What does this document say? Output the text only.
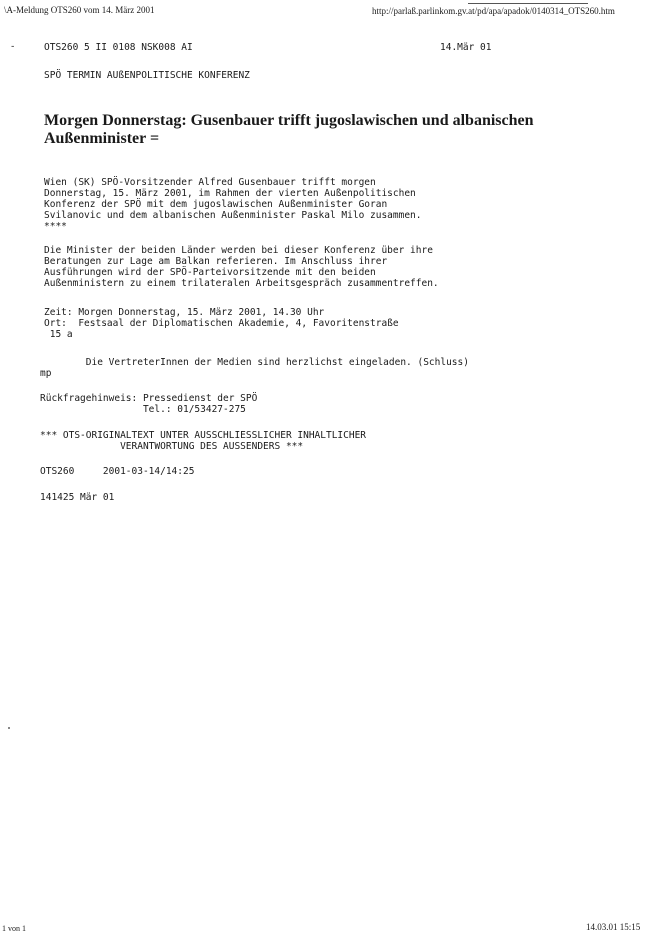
\A-Meldung OTS260 vom 14. März 2001	http://parlaß.parlinkom.gv.at/pd/apa/apadok/0140314_OTS260.htm
-	OTS260 5 II 0108 NSK008 AI	14.Mär 01
SPÖ TERMIN AUßENPOLITISCHE KONFERENZ
Morgen Donnerstag: Gusenbauer trifft jugoslawischen und albanischen Außenminister =
Wien (SK) SPÖ-Vorsitzender Alfred Gusenbauer trifft morgen
Donnerstag, 15. März 2001, im Rahmen der vierten Außenpolitischen
Konferenz der SPÖ mit dem jugoslawischen Außenminister Goran
Svilanovic und dem albanischen Außenminister Paskal Milo zusammen.
****
Die Minister der beiden Länder werden bei dieser Konferenz über ihre
Beratungen zur Lage am Balkan referieren. Im Anschluss ihrer
Ausführungen wird der SPÖ-Parteivorsitzende mit den beiden
Außenministern zu einem trilateralen Arbeitsgespräch zusammentreffen.
Zeit: Morgen Donnerstag, 15. März 2001, 14.30 Uhr
Ort:  Festsaal der Diplomatischen Akademie, 4, Favoritenstraße
15 a
Die VertreterInnen der Medien sind herzlichst eingeladen. (Schluss)
mp
Rückfragehinweis: Pressedienst der SPÖ
Tel.: 01/53427-275
*** OTS-ORIGINALTEXT UNTER AUSSCHLIESSLICHER INHALTLICHER
VERANTWORTUNG DES AUSSENDERS ***
OTS260     2001-03-14/14:25
141425 Mär 01
1 von 1	14.03.01 15:15
